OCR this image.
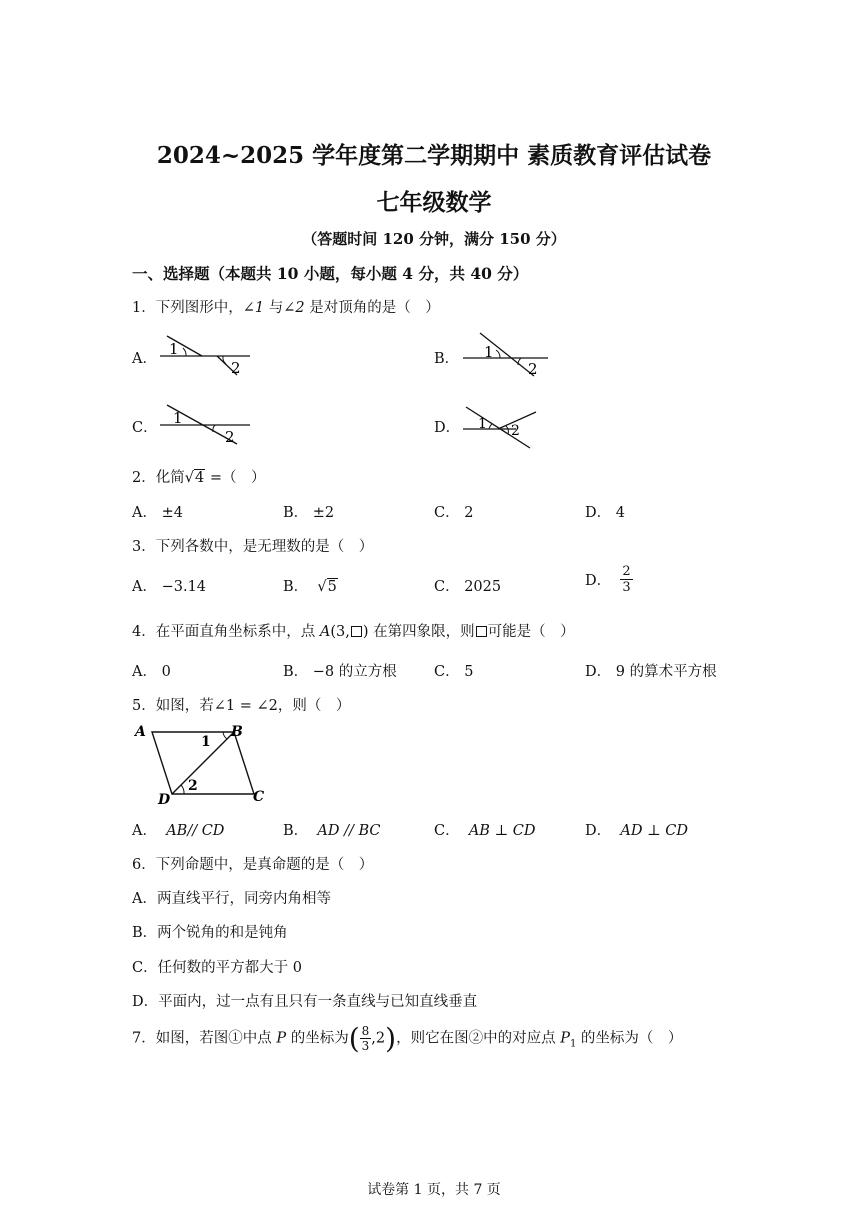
2024~2025 学年度第二学期期中 素质教育评估试卷
七年级数学
（答题时间 120 分钟，满分 150 分）
一、选择题（本题共 10 小题，每小题 4 分，共 40 分）
1．下列图形中，∠1 与∠2 是对顶角的是（　）
A．
1
2	B． 1
2
C．
1
2	D． 1 2
2．化简√4 =（　）
A． ±4	B． ±2	C． 2	D． 4
3．下列各数中，是无理数的是（　）
A． −3.14	B． √5	C． 2025	D． $\frac{2}{3}$
4．在平面直角坐标系中，点 A(3, ) 在第四象限，则 可能是（　）
A． 0	B． −8 的立方根	C． 5	D． 9 的算术平方根
5．如图，若∠1 = ∠2，则（　）
A	B
C
D
1
2
A． AB// CD	B． AD // BC	C． AB ⊥ CD	D． AD ⊥ CD
6．下列命题中，是真命题的是（　）
A．两直线平行，同旁内角相等
B．两个锐角的和是钝角
C．任何数的平方都大于 0
D．平面内，过一点有且只有一条直线与已知直线垂直
7．如图，若图①中点 P 的坐标为( $\frac{8}{3} ,2$)，则它在图②中的对应点 $P_1$ 的坐标为（　）
试卷第 1 页，共 7 页
